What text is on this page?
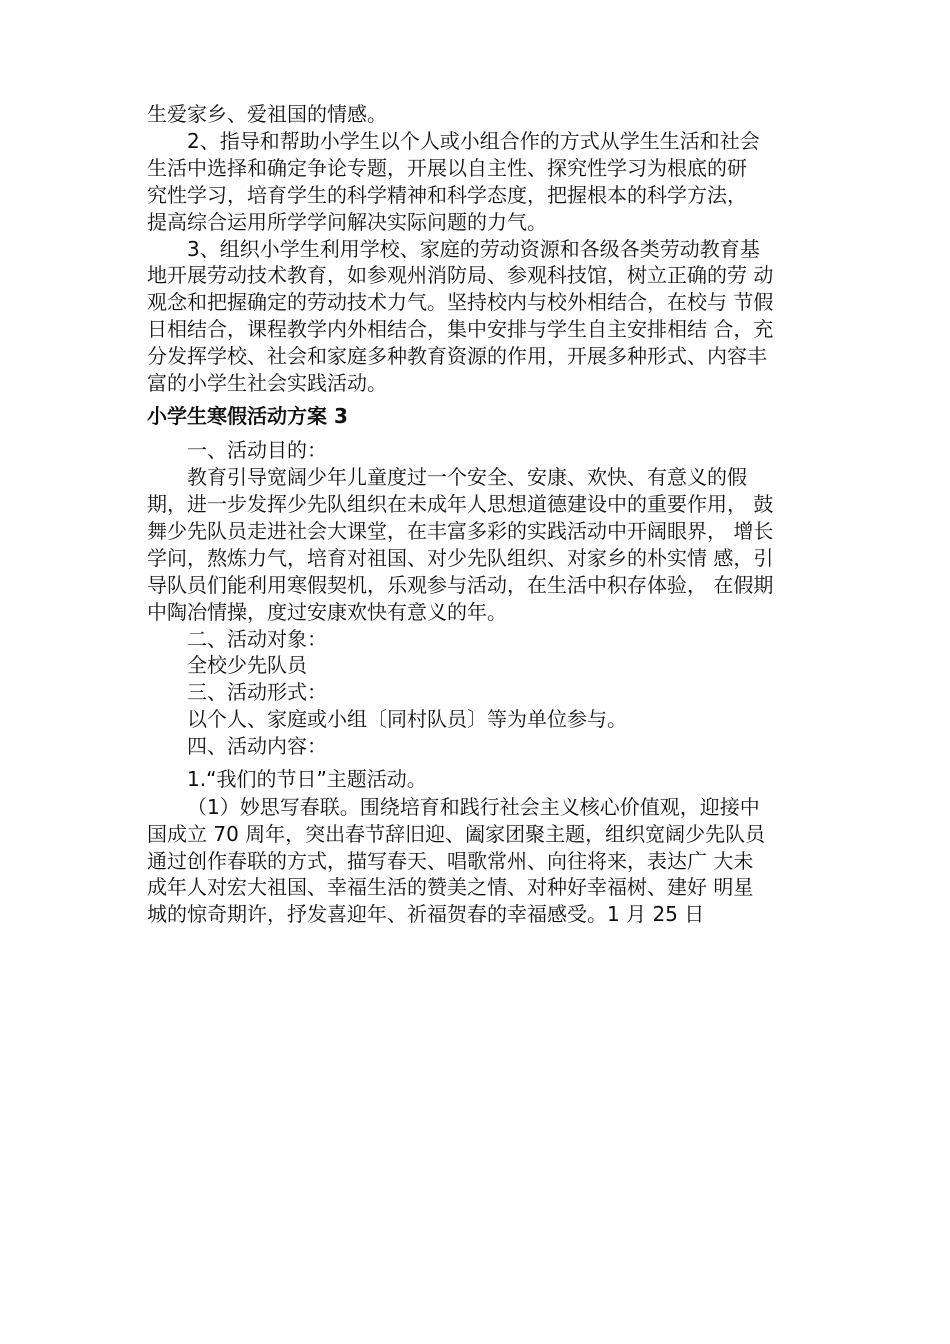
生爱家乡、爱祖国的情感。
2、指导和帮助小学生以个人或小组合作的方式从学生生活和社会
生活中选择和确定争论专题，开展以自主性、探究性学习为根底的研
究性学习，培育学生的科学精神和科学态度，把握根本的科学方法，
提高综合运用所学学问解决实际问题的力气。
3、组织小学生利用学校、家庭的劳动资源和各级各类劳动教育基
地开展劳动技术教育，如参观州消防局、参观科技馆，树立正确的劳 动
观念和把握确定的劳动技术力气。坚持校内与校外相结合，在校与 节假
日相结合，课程教学内外相结合，集中安排与学生自主安排相结 合，充
分发挥学校、社会和家庭多种教育资源的作用，开展多种形式、内容丰
富的小学生社会实践活动。
小学生寒假活动方案 3
一、活动目的：
教育引导宽阔少年儿童度过一个安全、安康、欢快、有意义的假
期，进一步发挥少先队组织在未成年人思想道德建设中的重要作用， 鼓
舞少先队员走进社会大课堂，在丰富多彩的实践活动中开阔眼界， 增长
学问，熬炼力气，培育对祖国、对少先队组织、对家乡的朴实情 感，引
导队员们能利用寒假契机，乐观参与活动，在生活中积存体验， 在假期
中陶冶情操，度过安康欢快有意义的年。
二、活动对象：
全校少先队员
三、活动形式：
以个人、家庭或小组〔同村队员〕等为单位参与。
四、活动内容：
1.“我们的节日”主题活动。
（1）妙思写春联。围绕培育和践行社会主义核心价值观，迎接中
国成立 70 周年，突出春节辞旧迎、阖家团聚主题，组织宽阔少先队员
通过创作春联的方式，描写春天、唱歌常州、向往将来，表达广 大未
成年人对宏大祖国、幸福生活的赞美之情、对种好幸福树、建好 明星
城的惊奇期许，抒发喜迎年、祈福贺春的幸福感受。1 月 25 日
